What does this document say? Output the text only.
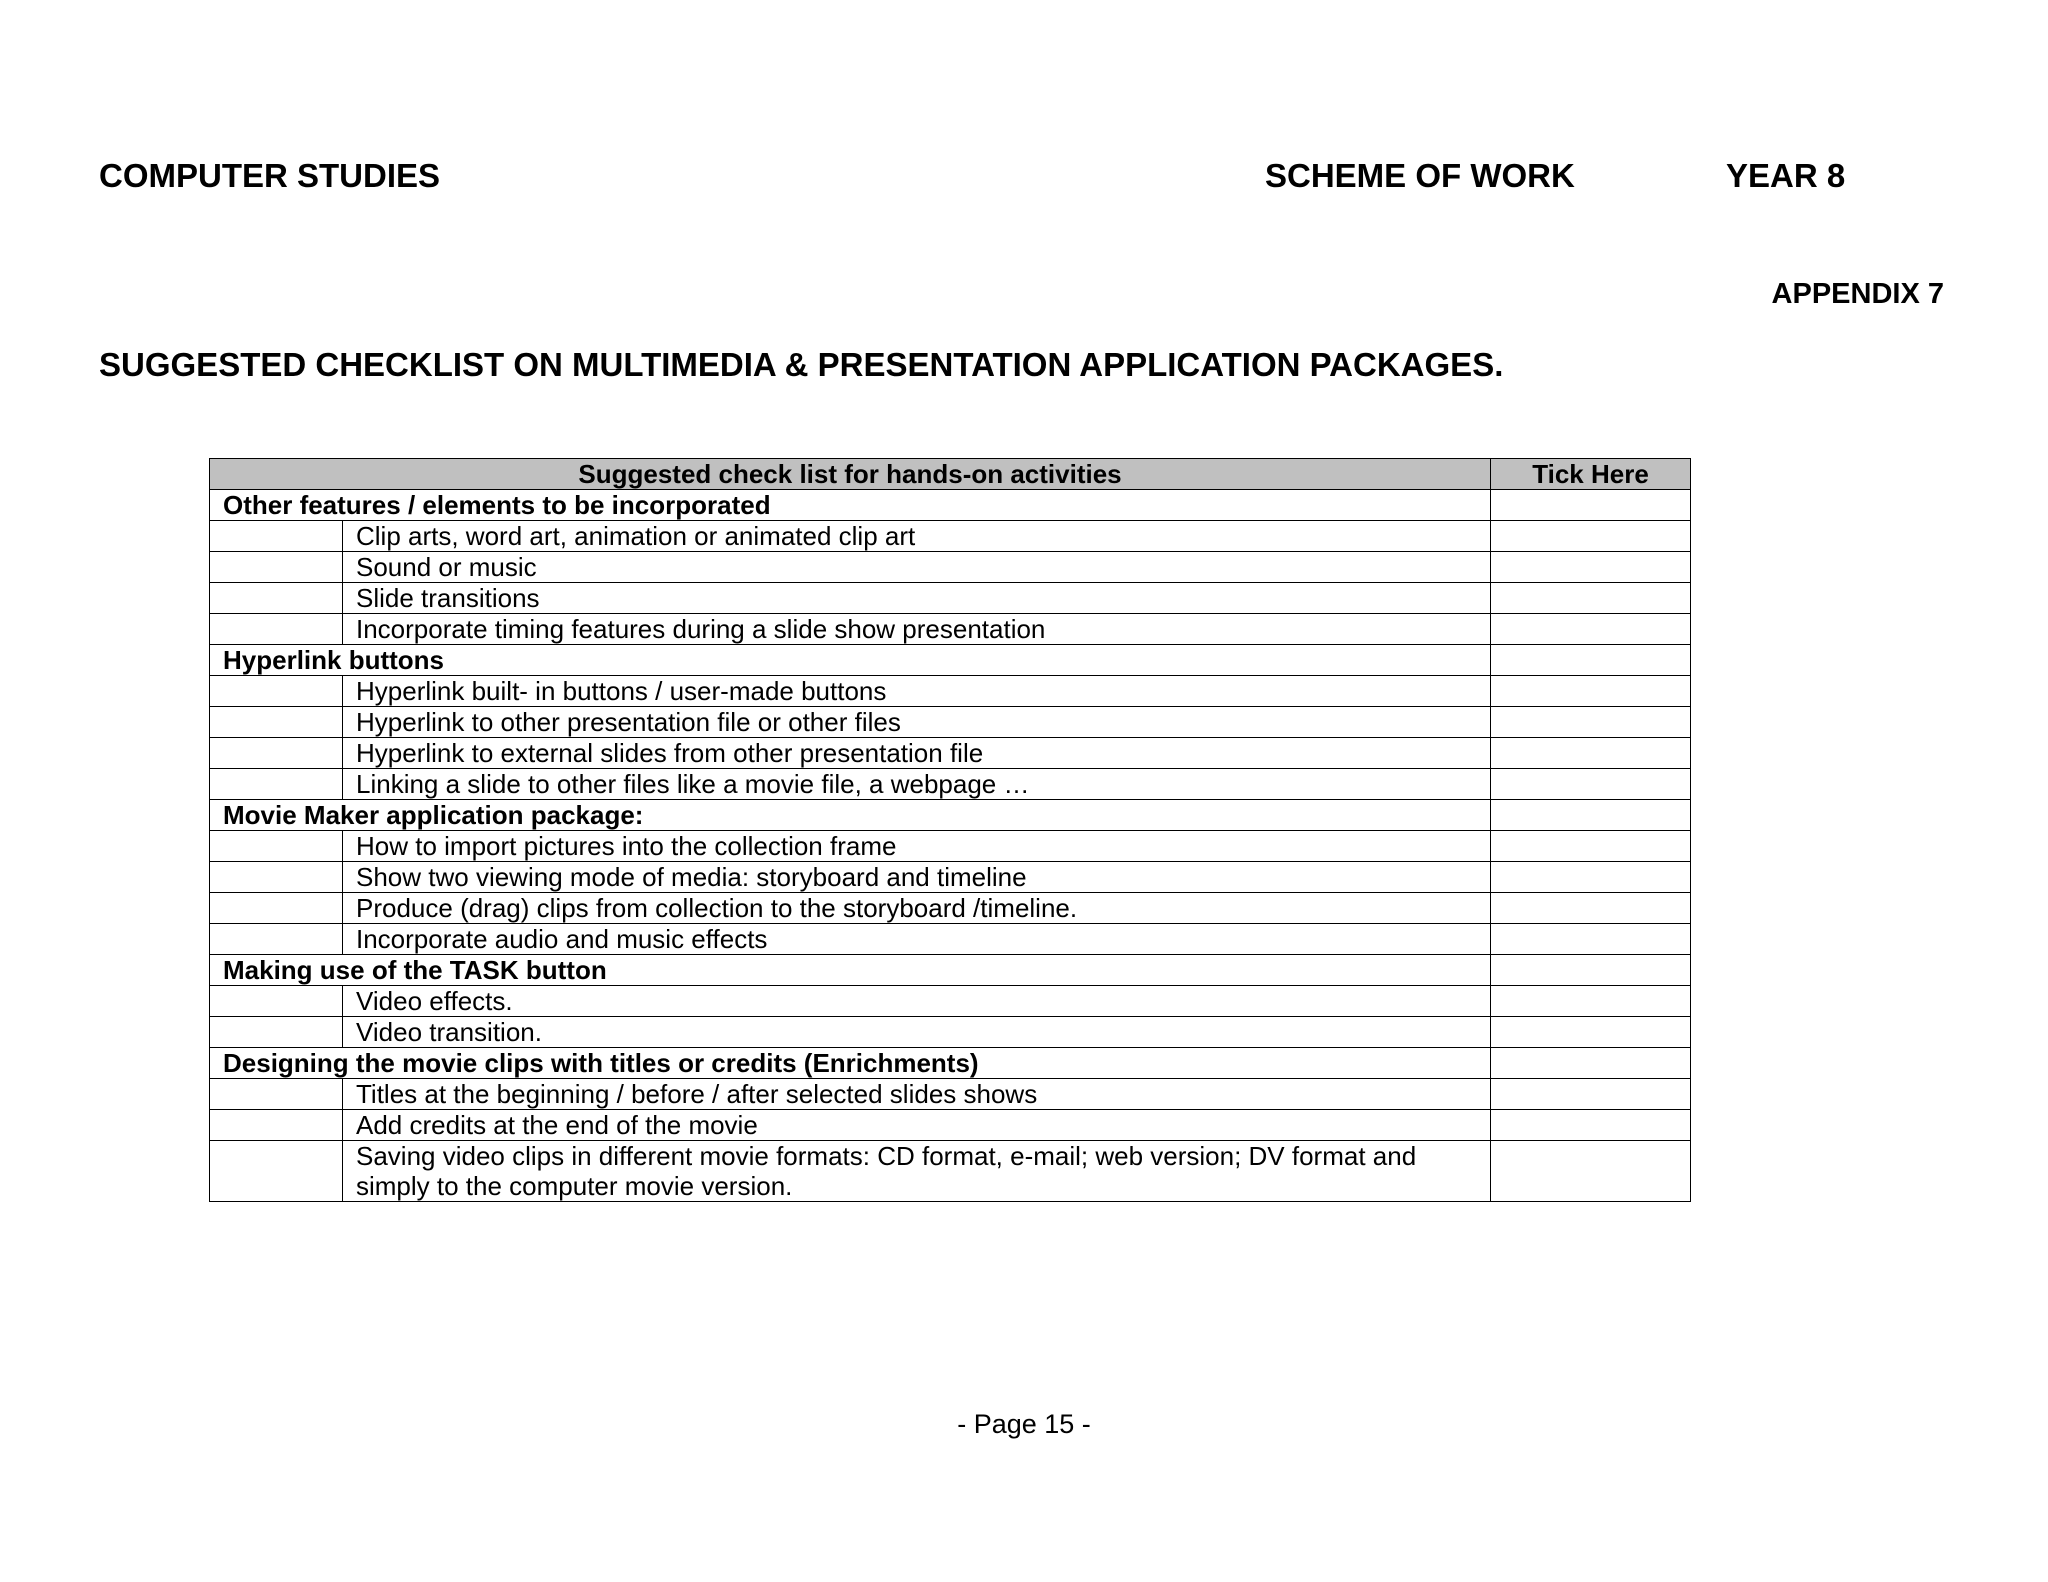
COMPUTER STUDIES	SCHEME OF WORK	YEAR 8
APPENDIX 7
SUGGESTED CHECKLIST ON MULTIMEDIA & PRESENTATION APPLICATION PACKAGES.
Suggested check list for hands-on activities		Tick Here
Other features / elements to be incorporated		
	Clip arts, word art, animation or animated clip art	
	Sound or music	
	Slide transitions	
	Incorporate timing features during a slide show presentation	
Hyperlink buttons		
	Hyperlink built- in buttons / user-made buttons	
	Hyperlink to other presentation file or other files	
	Hyperlink to external slides from other presentation file	
	Linking a slide to other files like a movie file, a webpage …	
Movie Maker application package:		
	How to import pictures into the collection frame	
	Show two viewing mode of media: storyboard and timeline	
	Produce (drag) clips from collection to the storyboard /timeline.	
	Incorporate audio and music effects	
Making use of the TASK button		
	Video effects.	
	Video transition.	
Designing the movie clips with titles or credits (Enrichments)		
	Titles at the beginning / before / after selected slides shows	
	Add credits at the end of the movie	
	Saving video clips in different movie formats: CD format, e-mail; web version; DV format and simply to the computer movie version.	
- Page 15 -
